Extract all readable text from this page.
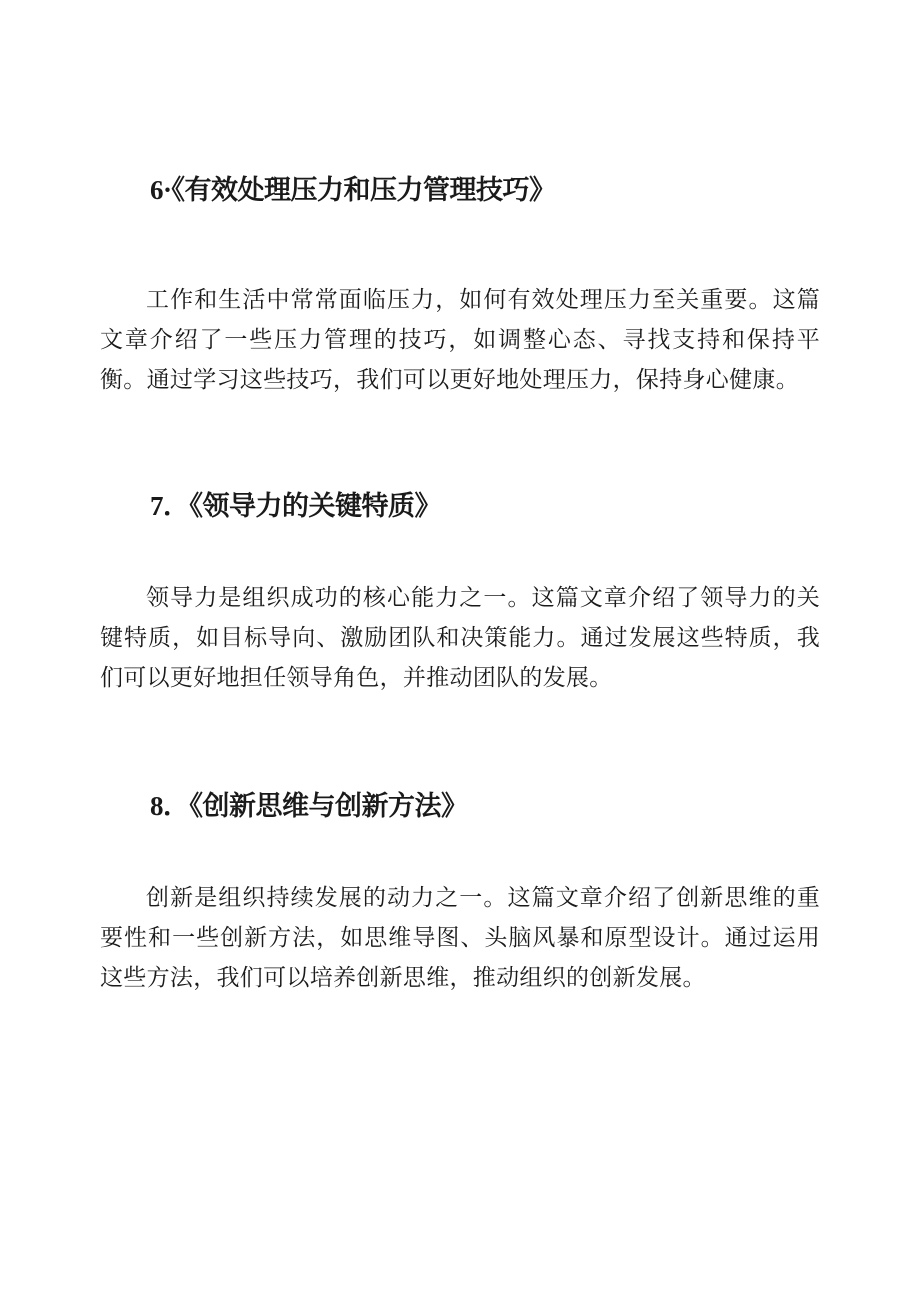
6·《有效处理压力和压力管理技巧》

工作和生活中常常面临压力，如何有效处理压力至关重要。这篇文章介绍了一些压力管理的技巧，如调整心态、寻找支持和保持平衡。通过学习这些技巧，我们可以更好地处理压力，保持身心健康。

7．《领导力的关键特质》

领导力是组织成功的核心能力之一。这篇文章介绍了领导力的关键特质，如目标导向、激励团队和决策能力。通过发展这些特质，我们可以更好地担任领导角色，并推动团队的发展。

8．《创新思维与创新方法》

创新是组织持续发展的动力之一。这篇文章介绍了创新思维的重要性和一些创新方法，如思维导图、头脑风暴和原型设计。通过运用这些方法，我们可以培养创新思维，推动组织的创新发展。
